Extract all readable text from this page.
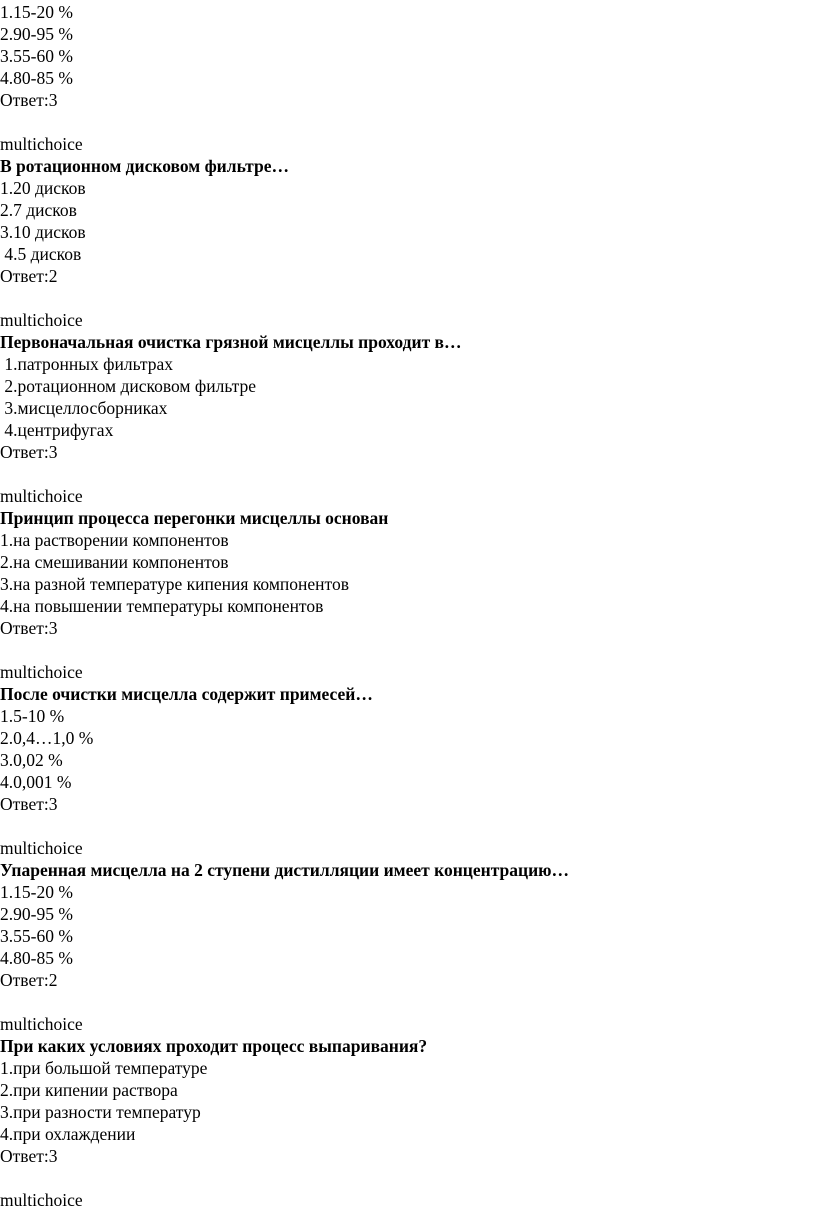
1.15-20 %
2.90-95 %
3.55-60 %
4.80-85 %
Ответ:3
multichoice
В ротационном дисковом фильтре…
1.20 дисков
2.7 дисков
3.10 дисков
4.5 дисков
Ответ:2
multichoice
Первоначальная очистка грязной мисцеллы проходит в…
1.патронных фильтрах
2.ротационном дисковом фильтре
3.мисцеллосборниках
4.центрифугах
Ответ:3
multichoice
Принцип процесса перегонки мисцеллы основан
1.на растворении компонентов
2.на смешивании компонентов
3.на разной температуре кипения компонентов
4.на повышении температуры компонентов
Ответ:3
multichoice
После очистки мисцелла содержит примесей…
1.5-10 %
2.0,4…1,0 %
3.0,02 %
4.0,001 %
Ответ:3
multichoice
Упаренная мисцелла на 2 ступени дистилляции имеет концентрацию…
1.15-20 %
2.90-95 %
3.55-60 %
4.80-85 %
Ответ:2
multichoice
При каких условиях проходит процесс выпаривания?
1.при большой температуре
2.при кипении раствора
3.при разности температур
4.при охлаждении
Ответ:3
multichoice
